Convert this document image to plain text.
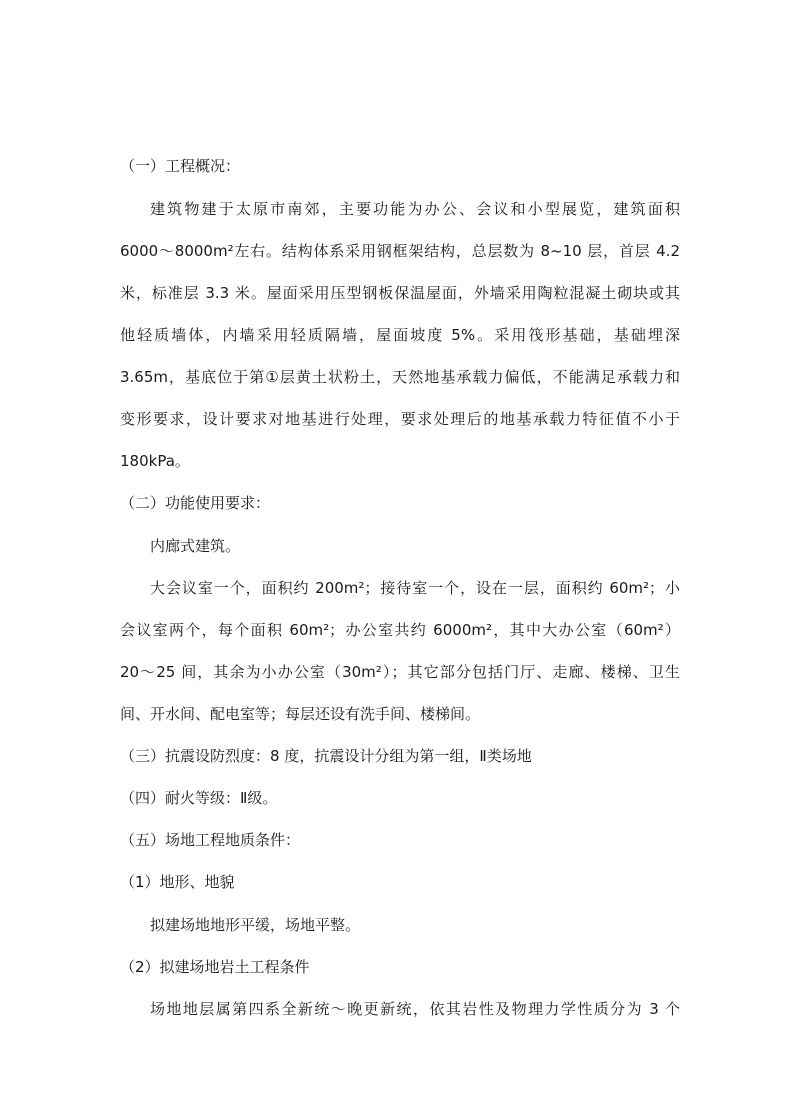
（一）工程概况：
建筑物建于太原市南郊，主要功能为办公、会议和小型展览，建筑面积
6000～8000m²左右。结构体系采用钢框架结构，总层数为 8~10 层，首层 4.2
米，标准层 3.3 米。屋面采用压型钢板保温屋面，外墙采用陶粒混凝土砌块或其
他轻质墙体，内墙采用轻质隔墙，屋面坡度 5%。采用筏形基础，基础埋深
3.65m，基底位于第①层黄土状粉土，天然地基承载力偏低，不能满足承载力和
变形要求，设计要求对地基进行处理，要求处理后的地基承载力特征值不小于
180kPa。
（二）功能使用要求：
内廊式建筑。
大会议室一个，面积约 200m²；接待室一个，设在一层，面积约 60m²；小
会议室两个，每个面积 60m²；办公室共约 6000m²，其中大办公室（60m²）
20～25 间，其余为小办公室（30m²）；其它部分包括门厅、走廊、楼梯、卫生
间、开水间、配电室等；每层还设有洗手间、楼梯间。
（三）抗震设防烈度：8 度，抗震设计分组为第一组，Ⅱ类场地
（四）耐火等级：Ⅱ级。
（五）场地工程地质条件：
（1）地形、地貌
拟建场地地形平缓，场地平整。
（2）拟建场地岩土工程条件
场地地层属第四系全新统～晚更新统，依其岩性及物理力学性质分为 3 个
